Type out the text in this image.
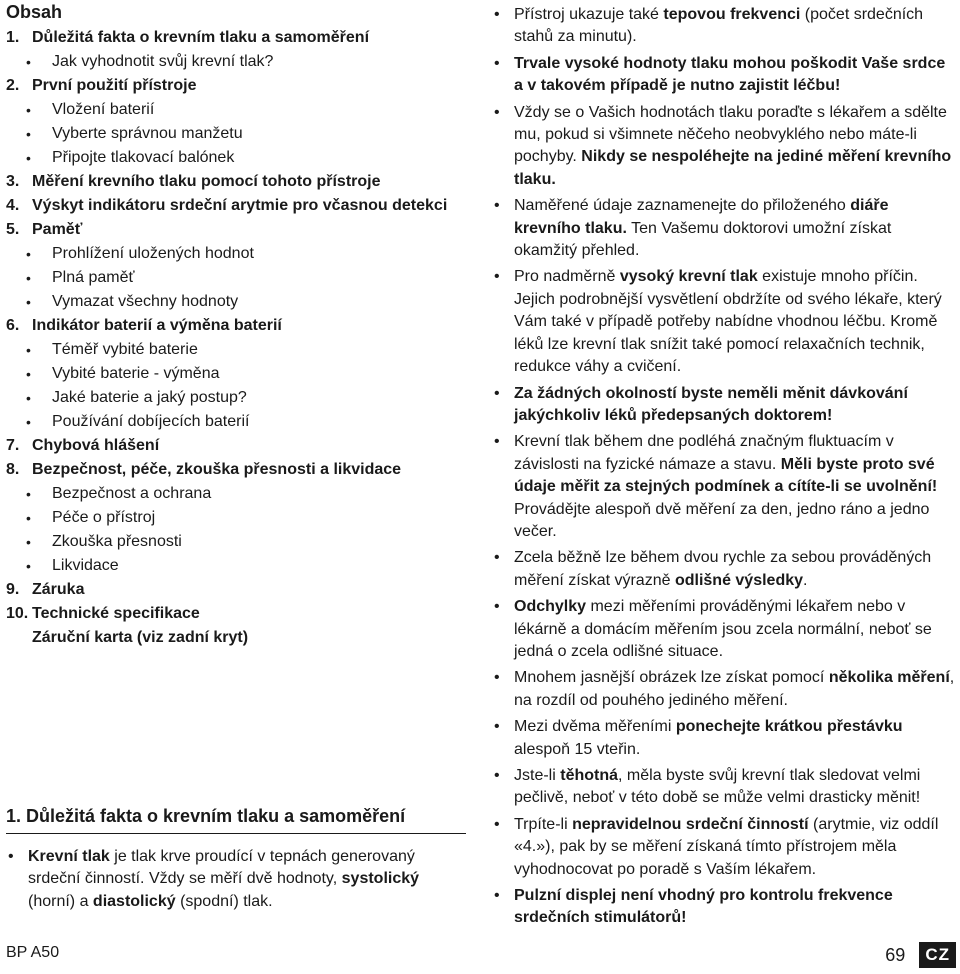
Obsah
1. Důležitá fakta o krevním tlaku a samoměření
•	Jak vyhodnotit svůj krevní tlak?
2. První použití přístroje
•	Vložení baterií
•	Vyberte správnou manžetu
•	Připojte tlakovací balónek
3. Měření krevního tlaku pomocí tohoto přístroje
4. Výskyt indikátoru srdeční arytmie pro včasnou detekci
5. Paměť
•	Prohlížení uložených hodnot
•	Plná paměť
•	Vymazat všechny hodnoty
6. Indikátor baterií a výměna baterií
•	Téměř vybité baterie
•	Vybité baterie - výměna
•	Jaké baterie a jaký postup?
•	Používání dobíjecích baterií
7. Chybová hlášení
8. Bezpečnost, péče, zkouška přesnosti a likvidace
•	Bezpečnost a ochrana
•	Péče o přístroj
•	Zkouška přesnosti
•	Likvidace
9. Záruka
10. Technické specifikace
Záruční karta (viz zadní kryt)
1. Důležitá fakta o krevním tlaku a samoměření
• Krevní tlak je tlak krve proudící v tepnách generovaný srdeční činností. Vždy se měří dvě hodnoty, systolický (horní) a diastolický (spodní) tlak.
• Přístroj ukazuje také tepovou frekvenci (počet srdečních stahů za minutu).
• Trvale vysoké hodnoty tlaku mohou poškodit Vaše srdce a v takovém případě je nutno zajistit léčbu!
• Vždy se o Vašich hodnotách tlaku poraďte s lékařem a sdělte mu, pokud si všimnete něčeho neobvyklého nebo máte-li pochyby. Nikdy se nespoléhejte na jediné měření krevního tlaku.
• Naměřené údaje zaznamenejte do přiloženého diáře krevního tlaku. Ten Vašemu doktorovi umožní získat okamžitý přehled.
• Pro nadměrně vysoký krevní tlak existuje mnoho příčin. Jejich podrobnější vysvětlení obdržíte od svého lékaře, který Vám také v případě potřeby nabídne vhodnou léčbu. Kromě léků lze krevní tlak snížit také pomocí relaxačních technik, redukce váhy a cvičení.
• Za žádných okolností byste neměli měnit dávkování jakýchkoliv léků předepsaných doktorem!
• Krevní tlak během dne podléhá značným fluktuacím v závislosti na fyzické námaze a stavu. Měli byste proto své údaje měřit za stejných podmínek a cítíte-li se uvolnění! Provádějte alespoň dvě měření za den, jedno ráno a jedno večer.
• Zcela běžně lze během dvou rychle za sebou prováděných měření získat výrazně odlišné výsledky.
• Odchylky mezi měřeními prováděnými lékařem nebo v lékárně a domácím měřením jsou zcela normální, neboť se jedná o zcela odlišné situace.
• Mnohem jasnější obrázek lze získat pomocí několika měření, na rozdíl od pouhého jediného měření.
• Mezi dvěma měřeními ponechejte krátkou přestávku alespoň 15 vteřin.
• Jste-li těhotná, měla byste svůj krevní tlak sledovat velmi pečlivě, neboť v této době se může velmi drasticky měnit!
• Trpíte-li nepravidelnou srdeční činností (arytmie, viz oddíl «4.»), pak by se měření získaná tímto přístrojem měla vyhodnocovat po poradě s Vaším lékařem.
• Pulzní displej není vhodný pro kontrolu frekvence srdečních stimulátorů!
BP A50	69	CZ
